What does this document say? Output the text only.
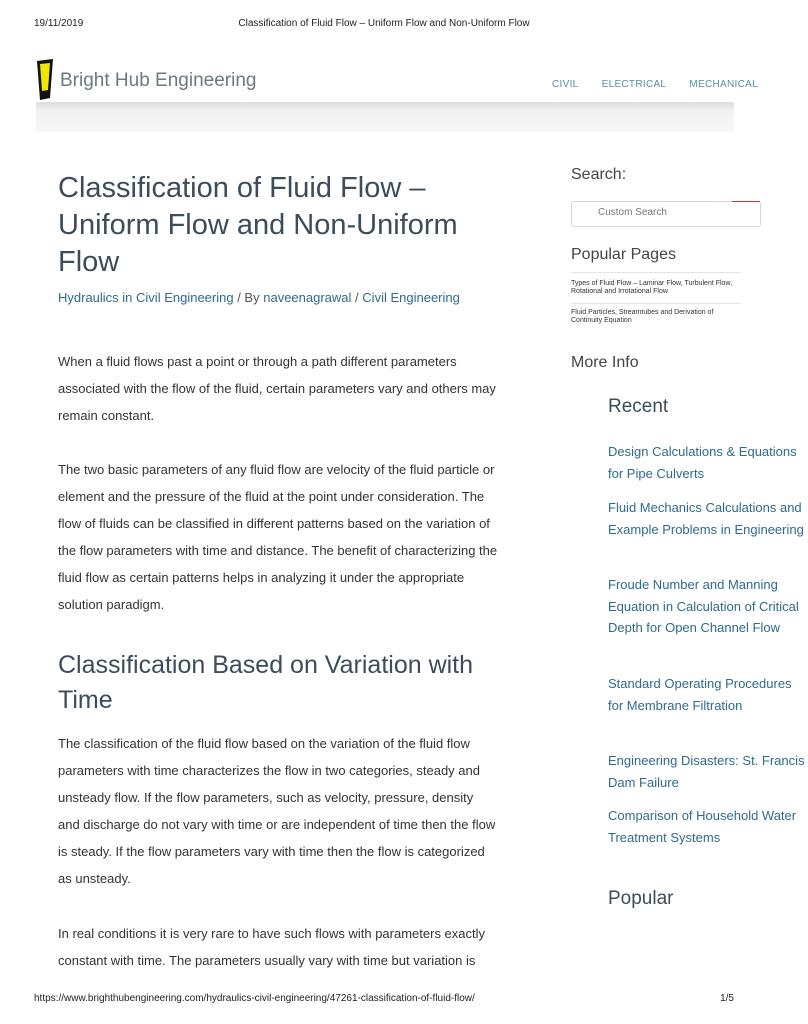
19/11/2019	Classification of Fluid Flow – Uniform Flow and Non-Uniform Flow
Bright Hub Engineering	CIVIL ELECTRICAL MECHANICAL
Classification of Fluid Flow – Uniform Flow and Non-Uniform Flow
Hydraulics in Civil Engineering / By naveenagrawal / Civil Engineering

When a fluid flows past a point or through a path different parameters associated with the flow of the fluid, certain parameters vary and others may remain constant.

The two basic parameters of any fluid flow are velocity of the fluid particle or element and the pressure of the fluid at the point under consideration. The flow of fluids can be classified in different patterns based on the variation of the flow parameters with time and distance. The benefit of characterizing the fluid flow as certain patterns helps in analyzing it under the appropriate solution paradigm.

Classification Based on Variation with Time

The classification of the fluid flow based on the variation of the fluid flow parameters with time characterizes the flow in two categories, steady and unsteady flow. If the flow parameters, such as velocity, pressure, density and discharge do not vary with time or are independent of time then the flow is steady. If the flow parameters vary with time then the flow is categorized as unsteady.

In real conditions it is very rare to have such flows with parameters exactly constant with time. The parameters usually vary with time but variation is

Search:
Custom Search
Popular Pages
Types of Fluid Flow – Laminar Flow, Turbulent Flow, Rotational and Irrotational Flow
Fluid Particles, Streamtubes and Derivation of Continuity Equation
More Info
Recent
Design Calculations & Equations for Pipe Culverts
Fluid Mechanics Calculations and Example Problems in Engineering
Froude Number and Manning Equation in Calculation of Critical Depth for Open Channel Flow
Standard Operating Procedures for Membrane Filtration
Engineering Disasters: St. Francis Dam Failure
Comparison of Household Water Treatment Systems
Popular
https://www.brighthubengineering.com/hydraulics-civil-engineering/47261-classification-of-fluid-flow/	1/5
